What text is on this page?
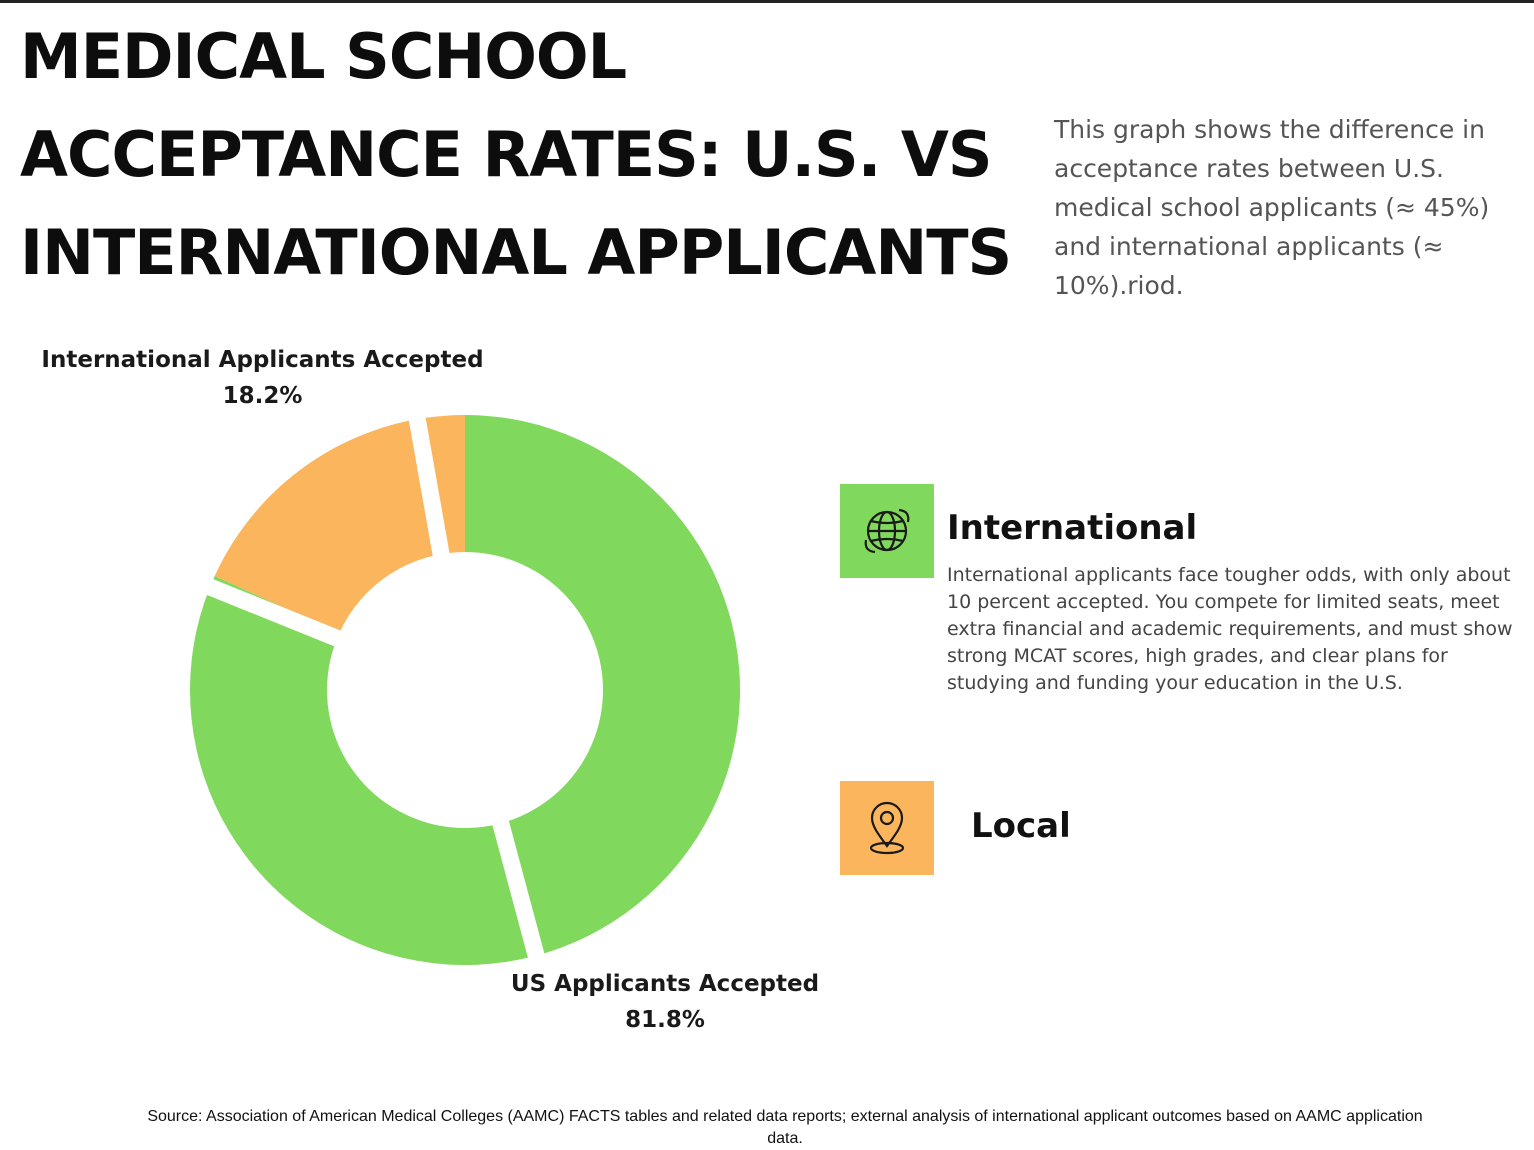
MEDICAL SCHOOL
ACCEPTANCE RATES: U.S. VS
INTERNATIONAL APPLICANTS
This graph shows the difference in acceptance rates between U.S. medical school applicants (≈ 45%) and international applicants (≈ 10%).riod.
International Applicants Accepted
18.2%
US Applicants Accepted
81.8%
International
International applicants face tougher odds, with only about 10 percent accepted. You compete for limited seats, meet extra financial and academic requirements, and must show strong MCAT scores, high grades, and clear plans for studying and funding your education in the U.S.
Local
Source: Association of American Medical Colleges (AAMC) FACTS tables and related data reports; external analysis of international applicant outcomes based on AAMC application data.
